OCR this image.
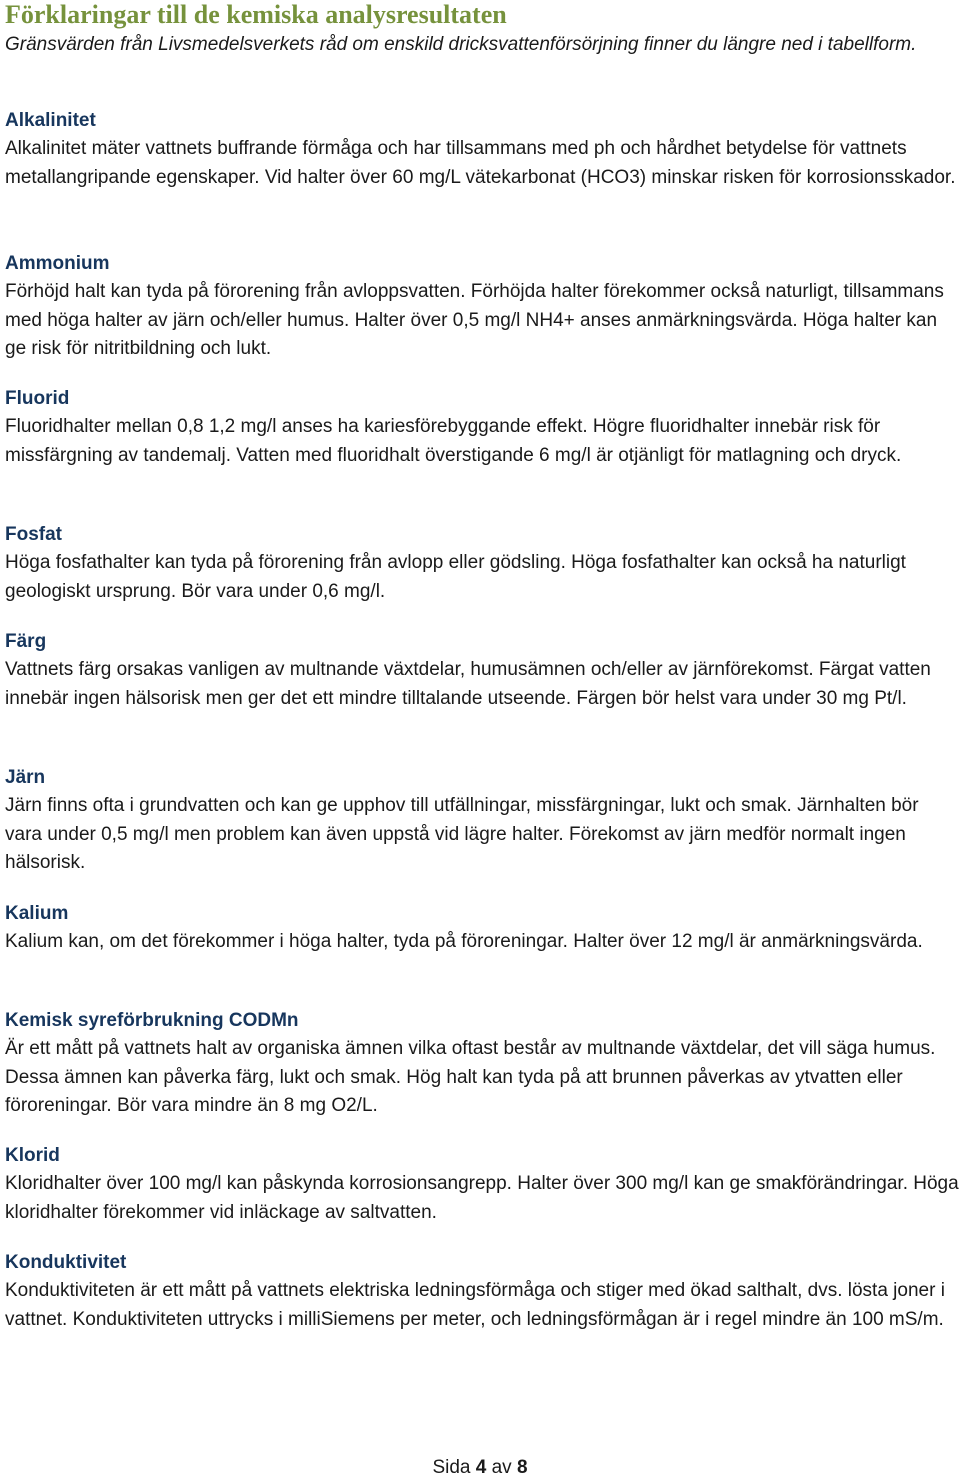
Förklaringar till de kemiska analysresultaten

Gränsvärden från Livsmedelsverkets råd om enskild dricksvattenförsörjning finner du längre ned i tabellform.

Alkalinitet

Alkalinitet mäter vattnets buffrande förmåga och har tillsammans med ph och hårdhet betydelse för vattnets metallangripande egenskaper. Vid halter över 60 mg/L vätekarbonat (HCO3) minskar risken för korrosionsskador.

Ammonium

Förhöjd halt kan tyda på förorening från avloppsvatten. Förhöjda halter förekommer också naturligt, tillsammans med höga halter av järn och/eller humus. Halter över 0,5 mg/l NH4+ anses anmärkningsvärda. Höga halter kan ge risk för nitritbildning och lukt.

Fluorid

Fluoridhalter mellan 0,8 1,2 mg/l anses ha kariesförebyggande effekt. Högre fluoridhalter innebär risk för missfärgning av tandemalj. Vatten med fluoridhalt överstigande 6 mg/l är otjänligt för matlagning och dryck.

Fosfat

Höga fosfathalter kan tyda på förorening från avlopp eller gödsling. Höga fosfathalter kan också ha naturligt geologiskt ursprung. Bör vara under 0,6 mg/l.

Färg

Vattnets färg orsakas vanligen av multnande växtdelar, humusämnen och/eller av järnförekomst. Färgat vatten innebär ingen hälsorisk men ger det ett mindre tilltalande utseende. Färgen bör helst vara under 30 mg Pt/l.

Järn

Järn finns ofta i grundvatten och kan ge upphov till utfällningar, missfärgningar, lukt och smak. Järnhalten bör vara under 0,5 mg/l men problem kan även uppstå vid lägre halter. Förekomst av järn medför normalt ingen hälsorisk.

Kalium

Kalium kan, om det förekommer i höga halter, tyda på föroreningar. Halter över 12 mg/l är anmärkningsvärda.

Kemisk syreförbrukning CODMn

Är ett mått på vattnets halt av organiska ämnen vilka oftast består av multnande växtdelar, det vill säga humus. Dessa ämnen kan påverka färg, lukt och smak. Hög halt kan tyda på att brunnen påverkas av ytvatten eller föroreningar. Bör vara mindre än 8 mg O2/L.

Klorid

Kloridhalter över 100 mg/l kan påskynda korrosionsangrepp. Halter över 300 mg/l kan ge smakförändringar. Höga kloridhalter förekommer vid inläckage av saltvatten.

Konduktivitet

Konduktiviteten är ett mått på vattnets elektriska ledningsförmåga och stiger med ökad salthalt, dvs. lösta joner i vattnet. Konduktiviteten uttrycks i milliSiemens per meter, och ledningsförmågan är i regel mindre än 100 mS/m.

Sida 4 av 8
